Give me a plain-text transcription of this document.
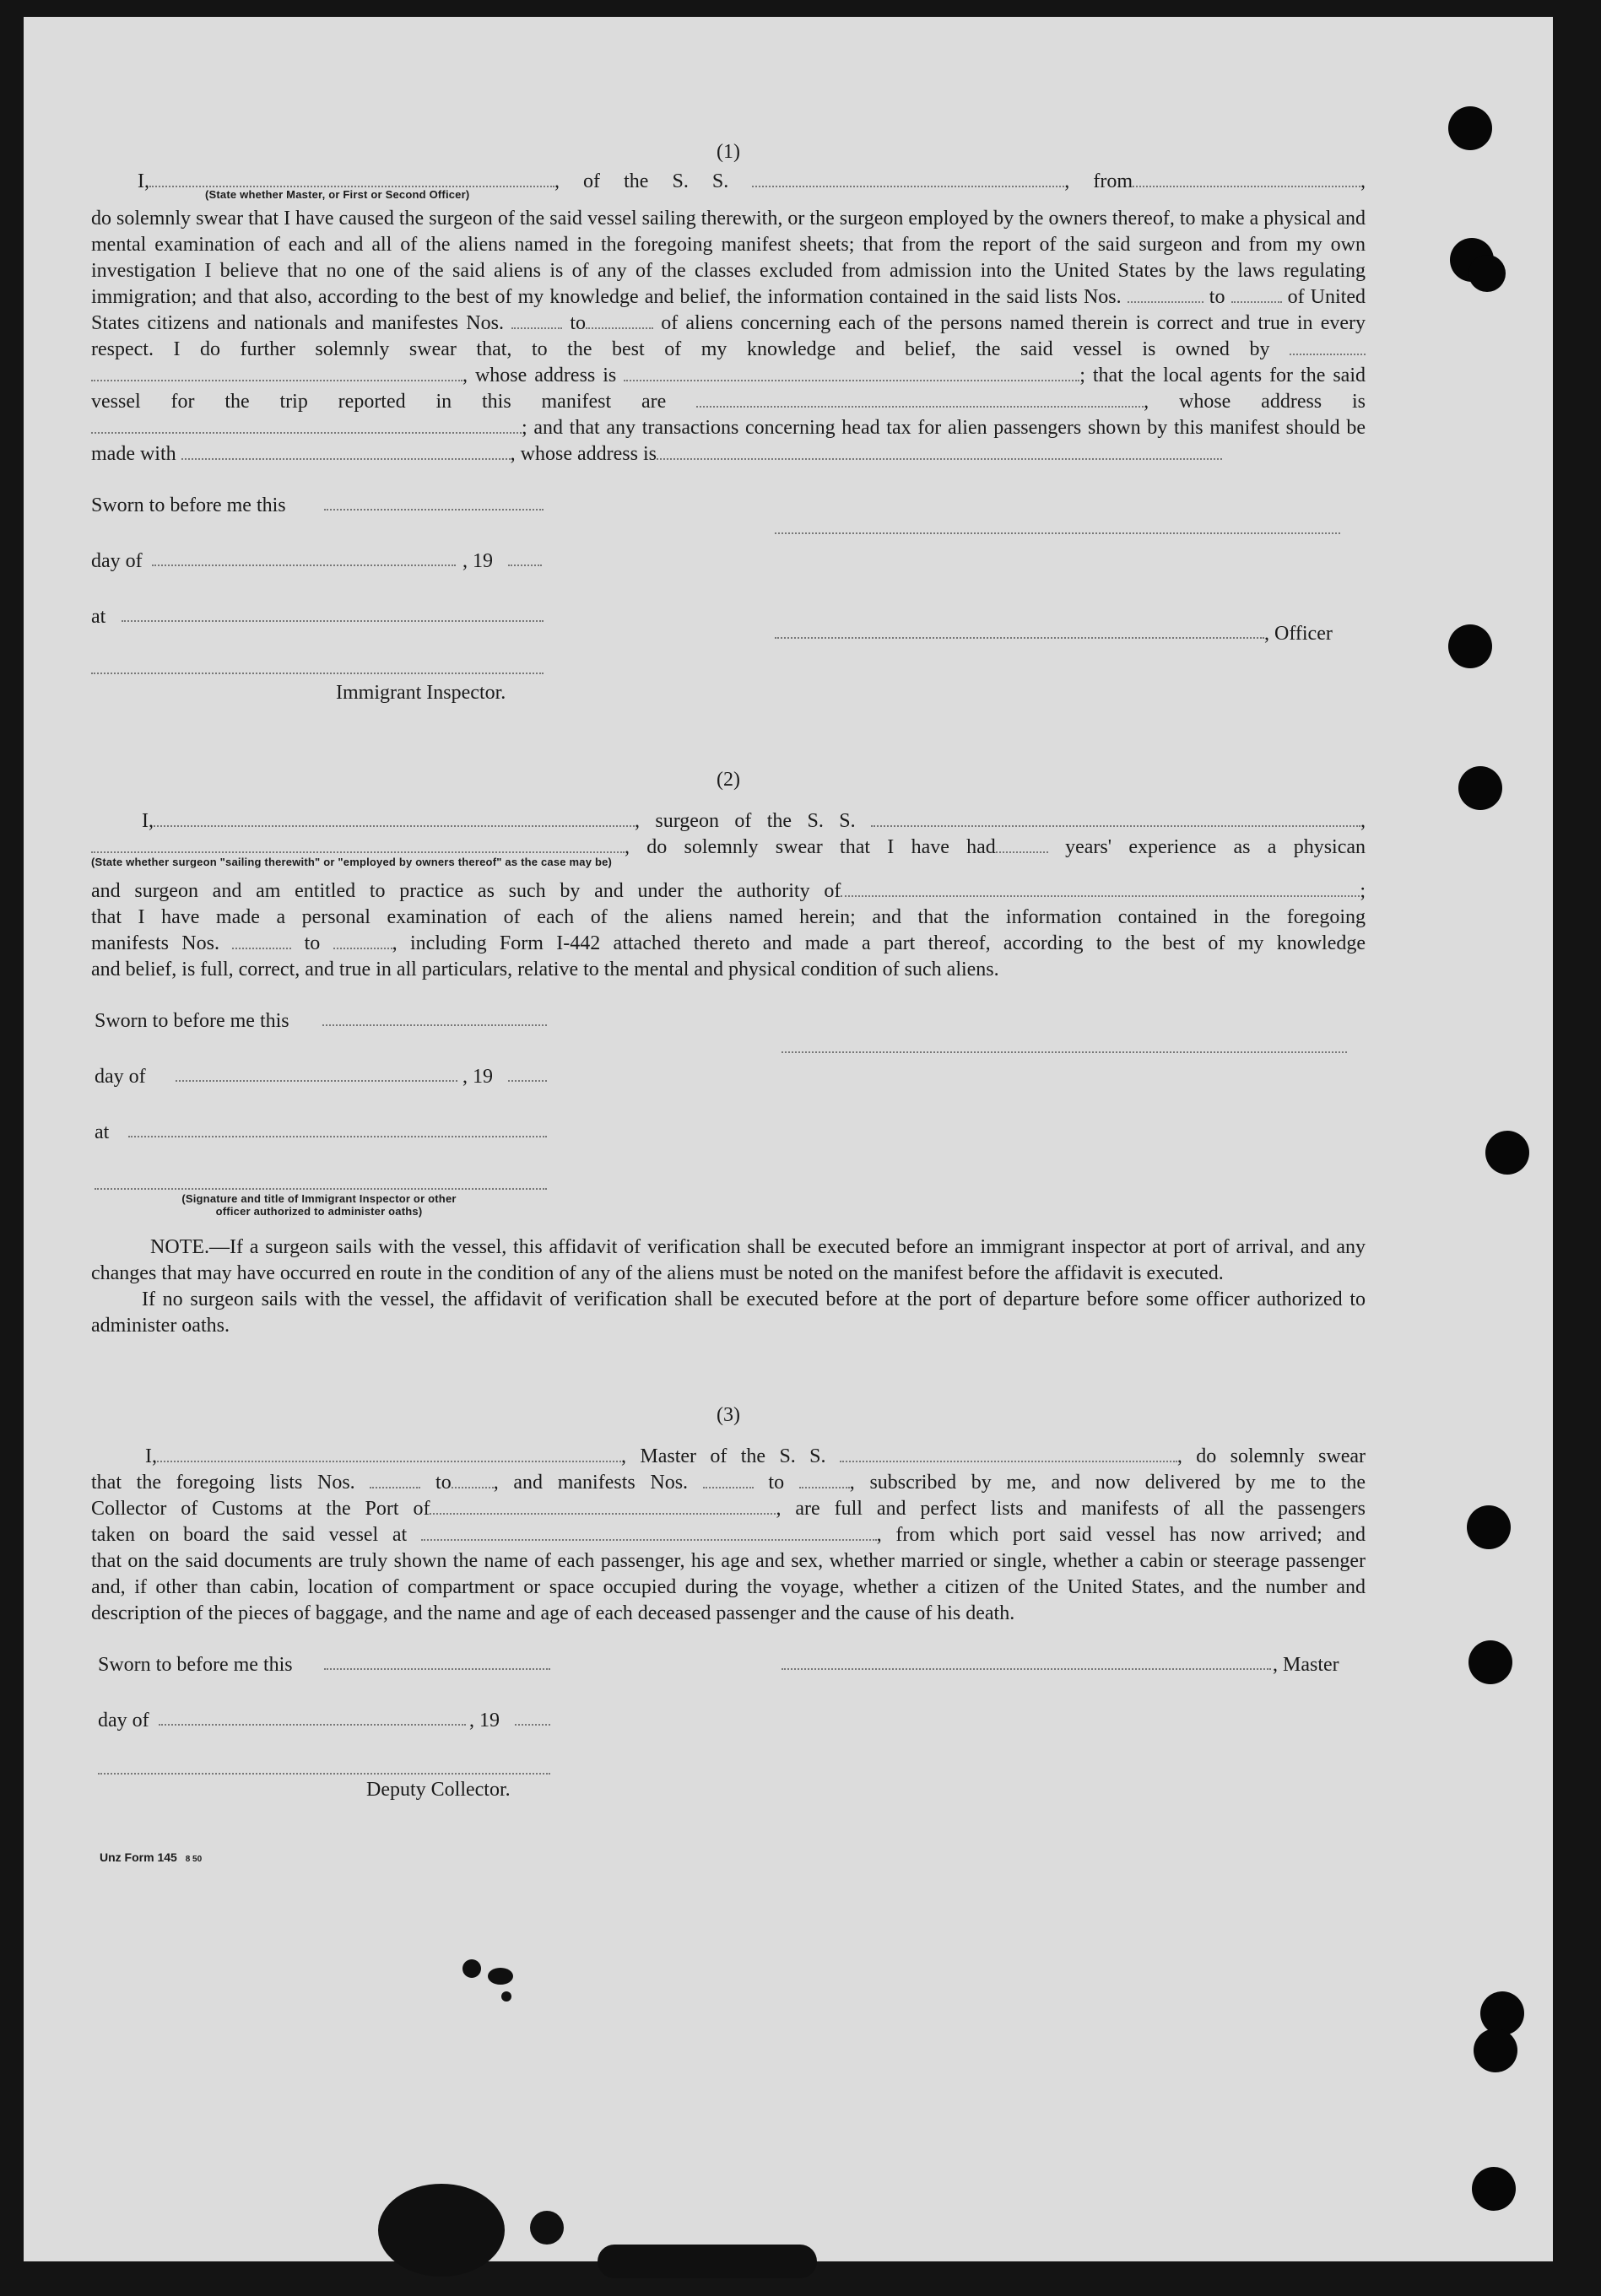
(1)

I,	, of the S. S.	, from	,

(State whether Master, or First or Second Officer)

do solemnly swear that I have caused the surgeon of the said vessel sailing therewith, or the surgeon employed by the owners thereof, to make a physical and mental examination of each and all of the aliens named in the foregoing manifest sheets; that from the report of the said surgeon and from my own investigation I believe that no one of the said aliens is of any of the classes excluded from admission into the United States by the laws regulating immigration; and that also, according to the best of my knowledge and belief, the information contained in the said lists Nos.	to	of United States citizens and nationals and manifestes Nos.	to	of aliens concerning each of the persons named therein is correct and true in every respect. I do further solemnly swear that, to the best of my knowledge and belief, the said vessel is owned by  , whose address is	; that the local agents for the said vessel for the trip reported in this manifest are	, whose address is ; and that any transactions concerning head tax for alien passengers shown by this manifest should be made with	, whose address is

Sworn to before me this
day of	, 19
at
, Officer
Immigrant Inspector.

(2)

I,	, surgeon of the S. S.	,

, do solemnly swear that I have had	years' experience as a physican

(State whether surgeon "sailing therewith" or "employed by owners thereof" as the case may be)

and surgeon and am entitled to practice as such by and under the authority of	;

that I have made a personal examination of each of the aliens named herein; and that the information contained in the foregoing

manifests Nos.	to	, including Form I-442 attached thereto and made a part thereof, according to the best of my knowledge

and belief, is full, correct, and true in all particulars, relative to the mental and physical condition of such aliens.

Sworn to before me this
day of	, 19
at
(Signature and title of Immigrant Inspector or other
officer authorized to administer oaths)

NOTE.—If a surgeon sails with the vessel, this affidavit of verification shall be executed before an immigrant inspector at port of arrival, and any changes that may have occurred en route in the condition of any of the aliens must be noted on the manifest before the affidavit is executed.

If no surgeon sails with the vessel, the affidavit of verification shall be executed before at the port of departure before some officer authorized to administer oaths.

(3)

I,	, Master of the S. S.	, do solemnly swear

that the foregoing lists Nos.	to , and manifests Nos.	to	, subscribed by me, and now delivered by me to the

Collector of Customs at the Port of	, are full and perfect lists and manifests of all the passengers

taken on board the said vessel at	, from which port said vessel has now arrived; and

that on the said documents are truly shown the name of each passenger, his age and sex, whether married or single, whether a cabin or steerage passenger and, if other than cabin, location of compartment or space occupied during the voyage, whether a citizen of the United States, and the number and description of the pieces of baggage, and the name and age of each deceased passenger and the cause of his death.

Sworn to before me this	, Master
day of	, 19
Deputy Collector.
Unz Form 145 8 50
